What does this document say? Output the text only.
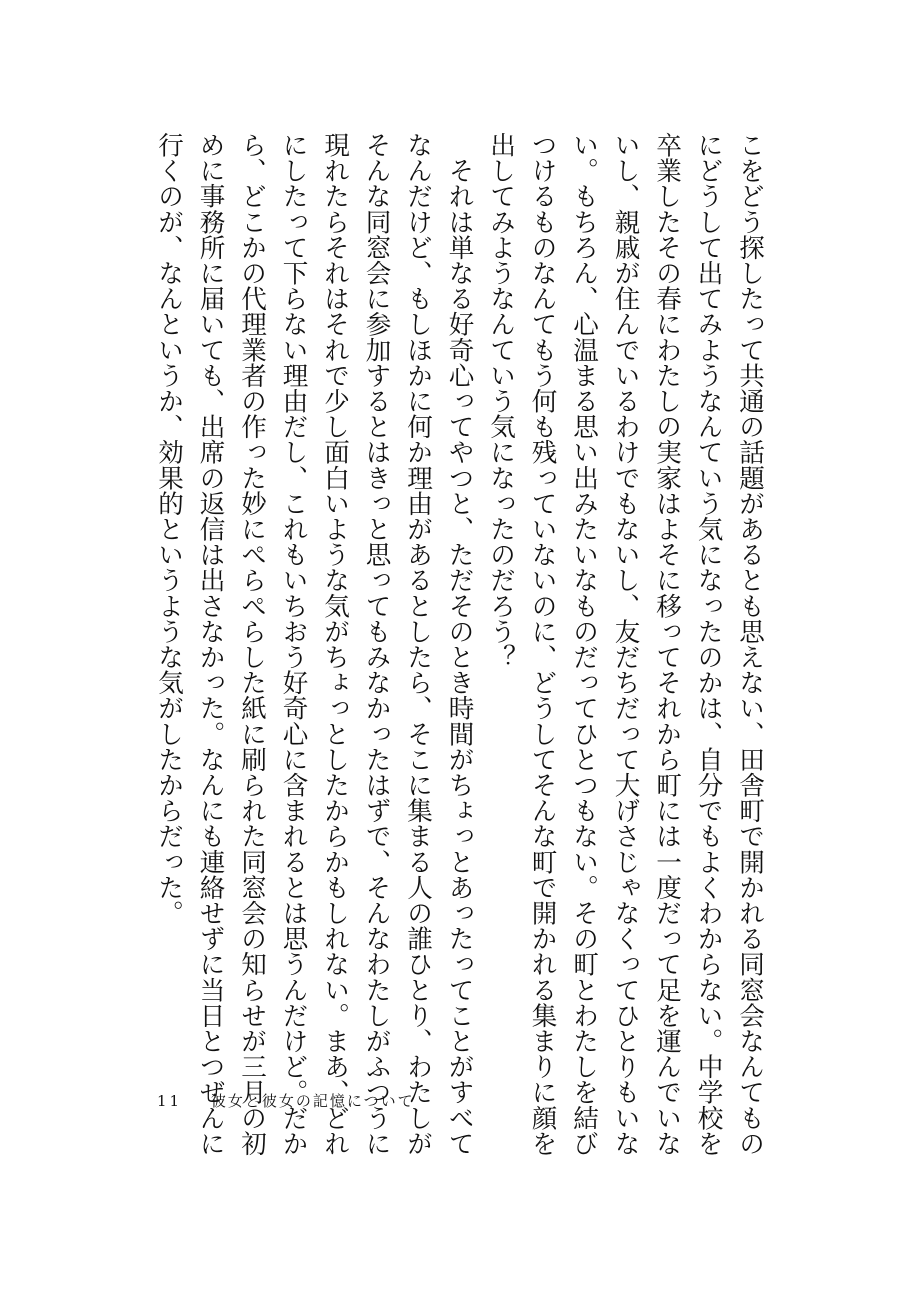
こをどう探したって共通の話題があるとも思えない、田舎町で開かれる同窓会なんてもの
にどうして出てみようなんていう気になったのかは、自分でもよくわからない。中学校を
卒業したその春にわたしの実家はよそに移ってそれから町には一度だって足を運んでいな
いし、親戚が住んでいるわけでもないし、友だちだって大げさじゃなくってひとりもいな
い。もちろん、心温まる思い出みたいなものだってひとつもない。その町とわたしを結び
つけるものなんてもう何も残っていないのに、どうしてそんな町で開かれる集まりに顔を
出してみようなんていう気になったのだろう？
　それは単なる好奇心ってやつと、ただそのとき時間がちょっとあったってことがすべて
なんだけど、もしほかに何か理由があるとしたら、そこに集まる人の誰ひとり、わたしが
そんな同窓会に参加するとはきっと思ってもみなかったはずで、そんなわたしがふつうに
現れたらそれはそれで少し面白いような気がちょっとしたからかもしれない。まあ、どれ
にしたって下らない理由だし、これもいちおう好奇心に含まれるとは思うんだけど。だか
ら、どこかの代理業者の作った妙にぺらぺらした紙に刷られた同窓会の知らせが三月の初
めに事務所に届いても、出席の返信は出さなかった。なんにも連絡せずに当日とつぜんに
行くのが、なんというか、効果的というような気がしたからだった。
11 彼女と彼女の記憶について
